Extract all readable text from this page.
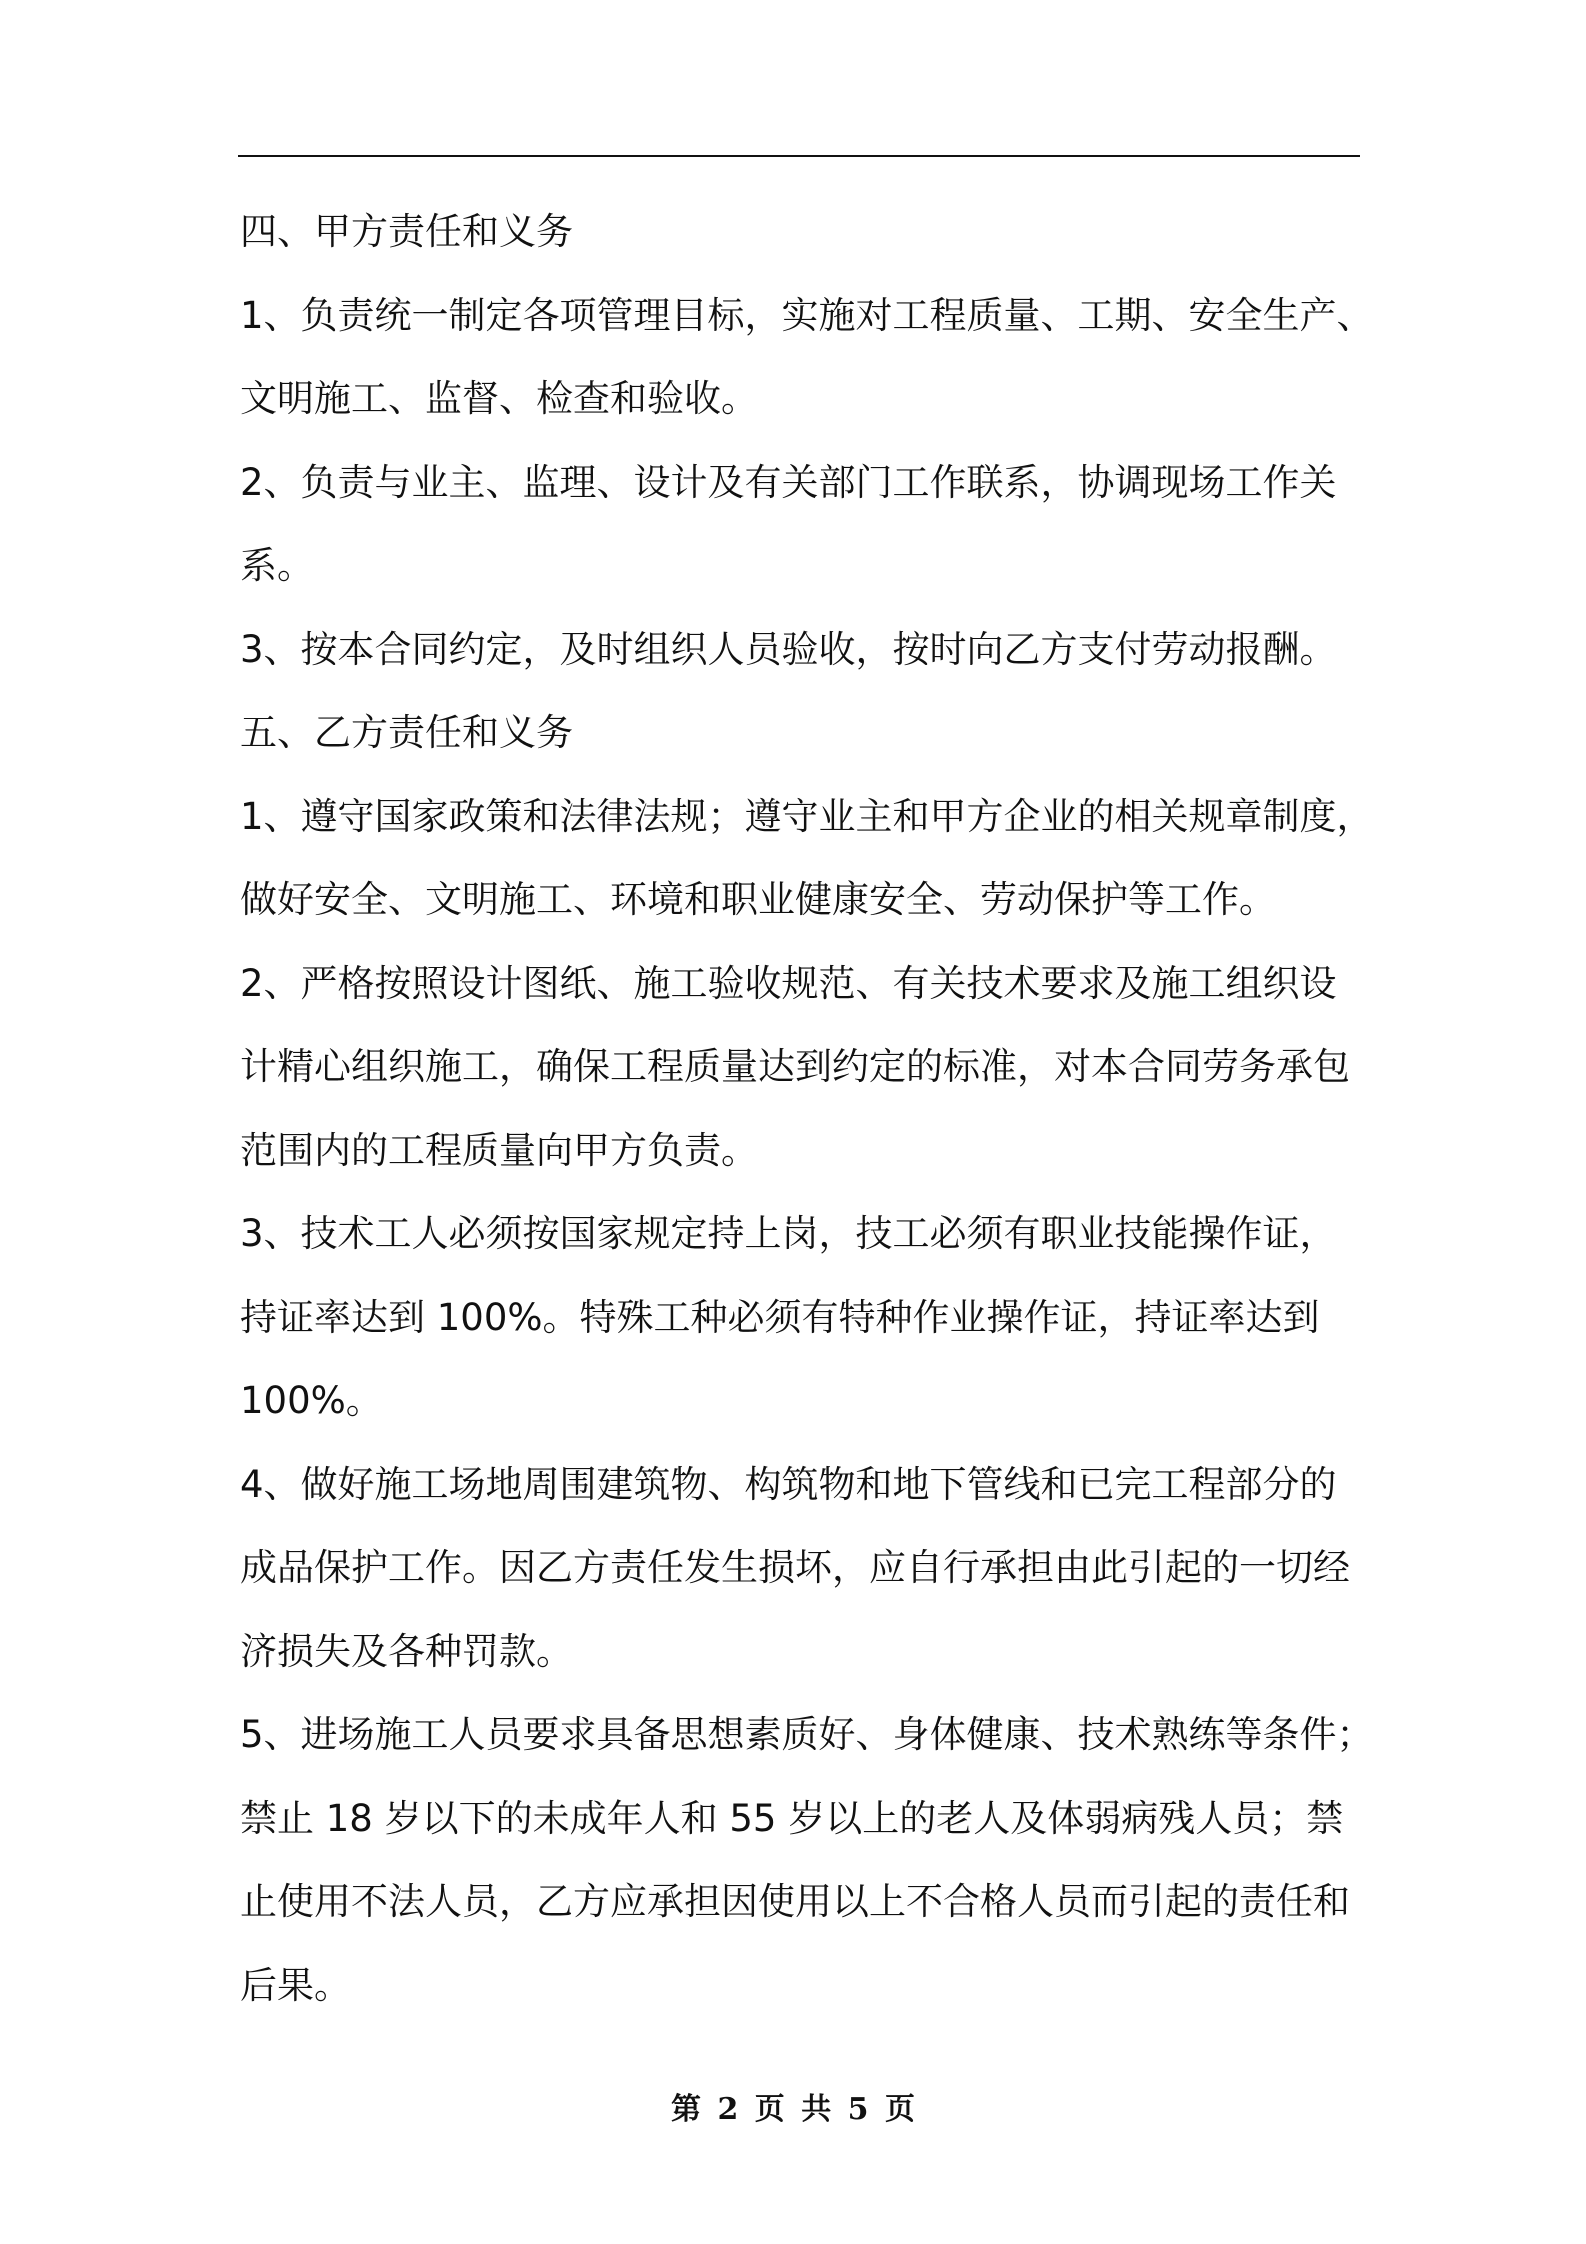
四、甲方责任和义务
1、负责统一制定各项管理目标，实施对工程质量、工期、安全生产、
文明施工、监督、检查和验收。
2、负责与业主、监理、设计及有关部门工作联系，协调现场工作关
系。
3、按本合同约定，及时组织人员验收，按时向乙方支付劳动报酬。
五、乙方责任和义务
1、遵守国家政策和法律法规；遵守业主和甲方企业的相关规章制度，
做好安全、文明施工、环境和职业健康安全、劳动保护等工作。
2、严格按照设计图纸、施工验收规范、有关技术要求及施工组织设
计精心组织施工，确保工程质量达到约定的标准，对本合同劳务承包
范围内的工程质量向甲方负责。
3、技术工人必须按国家规定持上岗，技工必须有职业技能操作证，
持证率达到 100%。特殊工种必须有特种作业操作证，持证率达到
100%。
4、做好施工场地周围建筑物、构筑物和地下管线和已完工程部分的
成品保护工作。因乙方责任发生损坏，应自行承担由此引起的一切经
济损失及各种罚款。
5、进场施工人员要求具备思想素质好、身体健康、技术熟练等条件；
禁止 18 岁以下的未成年人和 55 岁以上的老人及体弱病残人员；禁
止使用不法人员，乙方应承担因使用以上不合格人员而引起的责任和
后果。
第 2 页 共 5 页
